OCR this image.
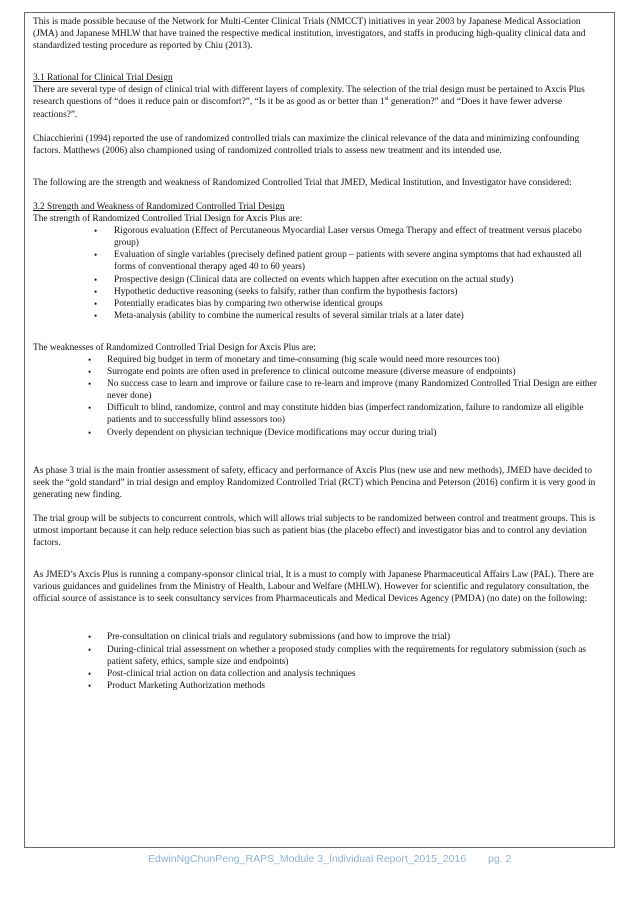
This is made possible because of the Network for Multi-Center Clinical Trials (NMCCT) initiatives in year 2003 by Japanese Medical Association (JMA) and Japanese MHLW that have trained the respective medical institution, investigators, and staffs in producing high-quality clinical data and standardized testing procedure as reported by Chiu (2013).

3.1 Rational for Clinical Trial Design

There are several type of design of clinical trial with different layers of complexity. The selection of the trial design must be pertained to Axcis Plus research questions of “does it reduce pain or discomfort?”, “Is it be as good as or better than 1st generation?” and “Does it have fewer adverse reactions?”.

Chiacchierini (1994) reported the use of randomized controlled trials can maximize the clinical relevance of the data and minimizing confounding factors. Matthews (2006) also championed using of randomized controlled trials to assess new treatment and its intended use.

The following are the strength and weakness of Randomized Controlled Trial that JMED, Medical Institution, and Investigator have considered:

3.2 Strength and Weakness of Randomized Controlled Trial Design

The strength of Randomized Controlled Trial Design for Axcis Plus are:

• Rigorous evaluation (Effect of Percutaneous Myocardial Laser versus Omega Therapy and effect of treatment versus placebo group)
• Evaluation of single variables (precisely defined patient group – patients with severe angina symptoms that had exhausted all forms of conventional therapy aged 40 to 60 years)
• Prospective design (Clinical data are collected on events which happen after execution on the actual study)
• Hypothetic deductive reasoning (seeks to falsify, rather than confirm the hypothesis factors)
• Potentially eradicates bias by comparing two otherwise identical groups
• Meta-analysis (ability to combine the numerical results of several similar trials at a later date)

The weaknesses of Randomized Controlled Trial Design for Axcis Plus are:

• Required big budget in term of monetary and time-consuming (big scale would need more resources too)
• Surrogate end points are often used in preference to clinical outcome measure (diverse measure of endpoints)
• No success case to learn and improve or failure case to re-learn and improve (many Randomized Controlled Trial Design are either never done)
• Difficult to blind, randomize, control and may constitute hidden bias (imperfect randomization, failure to randomize all eligible patients and to successfully blind assessors too)
• Overly dependent on physician technique (Device modifications may occur during trial)

As phase 3 trial is the main frontier assessment of safety, efficacy and performance of Axcis Plus (new use and new methods), JMED have decided to seek the “gold standard” in trial design and employ Randomized Controlled Trial (RCT) which Pencina and Peterson (2016) confirm it is very good in generating new finding.

The trial group will be subjects to concurrent controls, which will allows trial subjects to be randomized between control and treatment groups. This is utmost important because it can help reduce selection bias such as patient bias (the placebo effect) and investigator bias and to control any deviation factors.

As JMED’s Axcis Plus is running a company-sponsor clinical trial, It is a must to comply with Japanese Pharmaceutical Affairs Law (PAL). There are various guidances and guidelines from the Ministry of Health, Labour and Welfare (MHLW). However for scientific and regulatory consultation, the official source of assistance is to seek consultancy services from Pharmaceuticals and Medical Devices Agency (PMDA) (no date) on the following:

• Pre-consultation on clinical trials and regulatory submissions (and how to improve the trial)
• During-clinical trial assessment on whether a proposed study complies with the requirements for regulatory submission (such as patient safety, ethics, sample size and endpoints)
• Post-clinical trial action on data collection and analysis techniques
• Product Marketing Authorization methods
EdwinNgChunPeng_RAPS_Module 3_Individual Report_2015_2016 pg. 2
